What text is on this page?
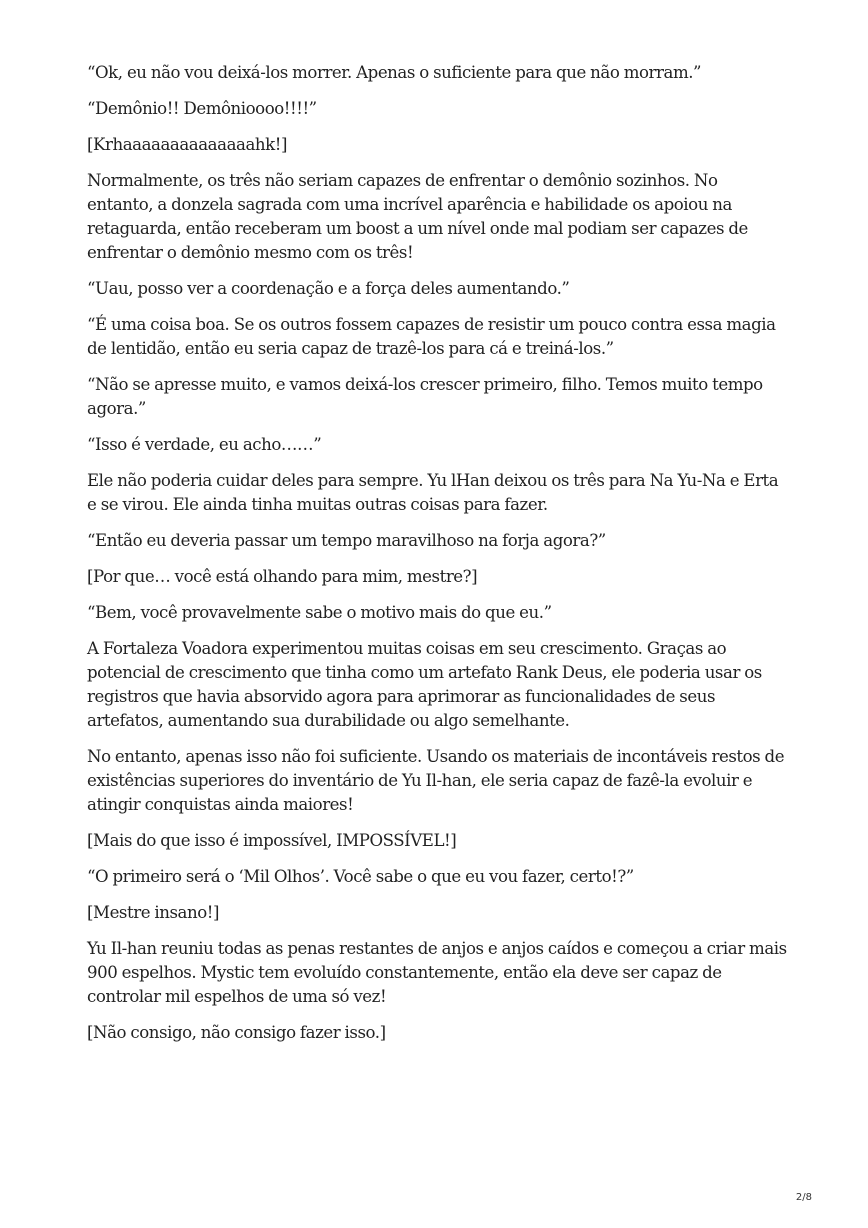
“Ok, eu não vou deixá-los morrer. Apenas o suficiente para que não morram.”

“Demônio!! Demônioooo!!!!”

[Krhaaaaaaaaaaaaaahk!]

Normalmente, os três não seriam capazes de enfrentar o demônio sozinhos. No entanto, a donzela sagrada com uma incrível aparência e habilidade os apoiou na retaguarda, então receberam um boost a um nível onde mal podiam ser capazes de enfrentar o demônio mesmo com os três!

“Uau, posso ver a coordenação e a força deles aumentando.”

“É uma coisa boa. Se os outros fossem capazes de resistir um pouco contra essa magia de lentidão, então eu seria capaz de trazê-los para cá e treiná-los.”

“Não se apresse muito, e vamos deixá-los crescer primeiro, filho. Temos muito tempo agora.”

“Isso é verdade, eu acho……”

Ele não poderia cuidar deles para sempre. Yu lHan deixou os três para Na Yu-Na e Erta e se virou. Ele ainda tinha muitas outras coisas para fazer.

“Então eu deveria passar um tempo maravilhoso na forja agora?”

[Por que… você está olhando para mim, mestre?]

“Bem, você provavelmente sabe o motivo mais do que eu.”

A Fortaleza Voadora experimentou muitas coisas em seu crescimento. Graças ao potencial de crescimento que tinha como um artefato Rank Deus, ele poderia usar os registros que havia absorvido agora para aprimorar as funcionalidades de seus artefatos, aumentando sua durabilidade ou algo semelhante.

No entanto, apenas isso não foi suficiente. Usando os materiais de incontáveis restos de existências superiores do inventário de Yu Il-han, ele seria capaz de fazê-la evoluir e atingir conquistas ainda maiores!

[Mais do que isso é impossível, IMPOSSÍVEL!]

“O primeiro será o ‘Mil Olhos’. Você sabe o que eu vou fazer, certo!?”

[Mestre insano!]

Yu Il-han reuniu todas as penas restantes de anjos e anjos caídos e começou a criar mais 900 espelhos. Mystic tem evoluído constantemente, então ela deve ser capaz de controlar mil espelhos de uma só vez!

[Não consigo, não consigo fazer isso.]

2/8
